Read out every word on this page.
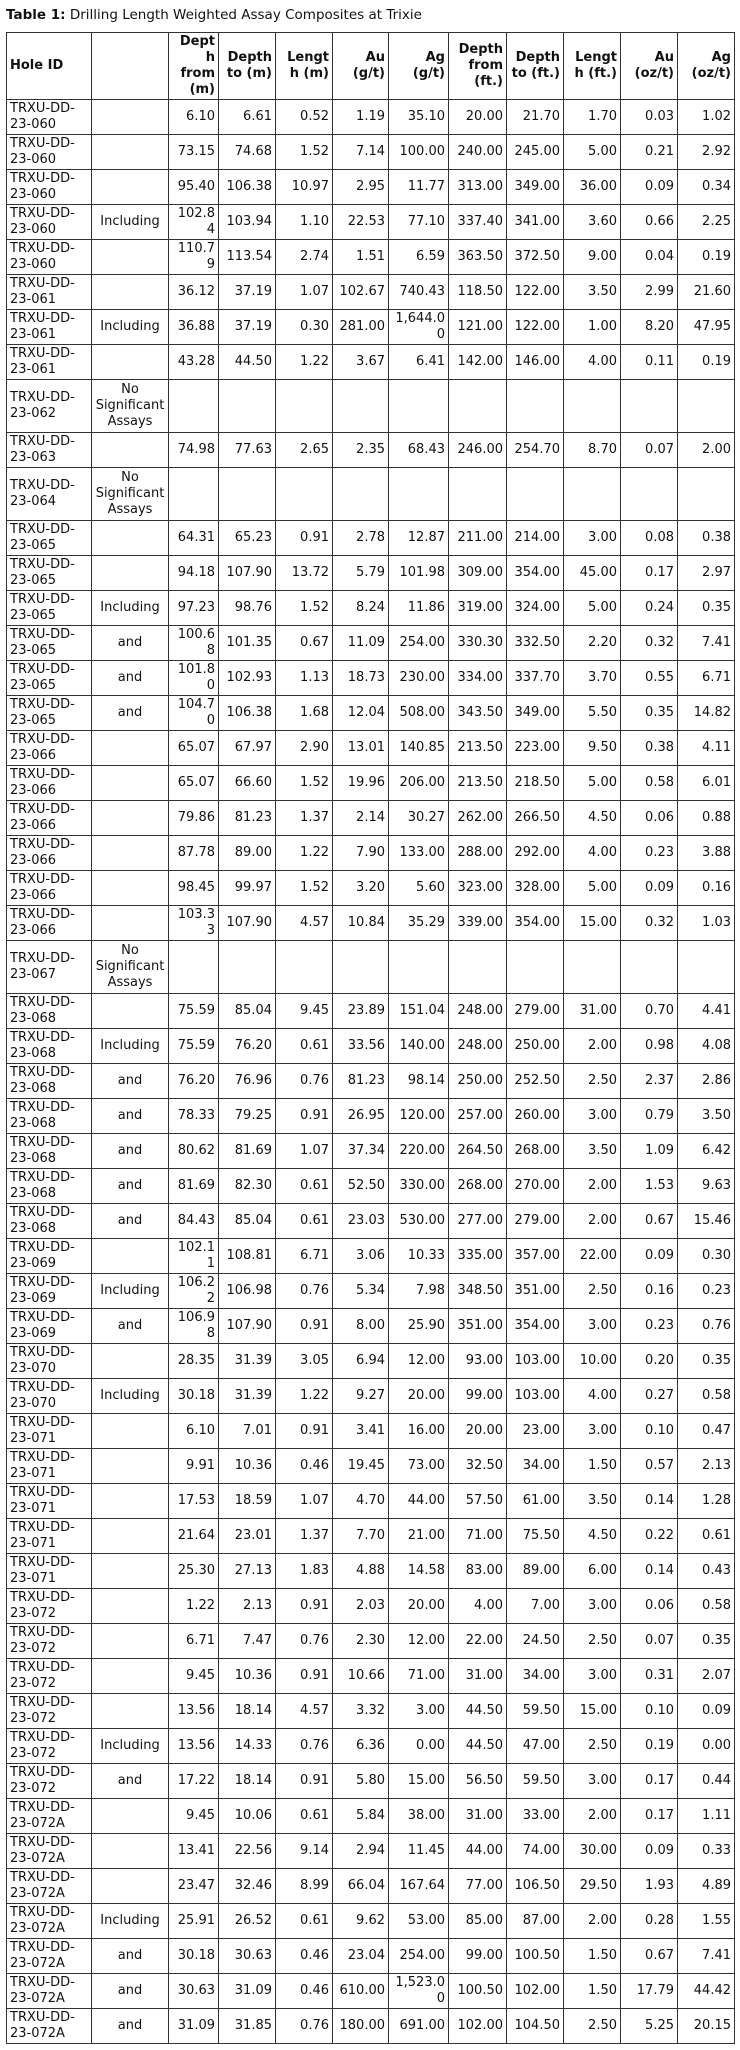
Table 1: Drilling Length Weighted Assay Composites at Trixie
Hole ID		Depth from (m)	Depth to (m)	Length (m)	Au (g/t)	Ag (g/t)	Depth from (ft.)	Depth to (ft.)	Length (ft.)	Au (oz/t)	Ag (oz/t)
TRXU-DD-23-060		6.10	6.61	0.52	1.19	35.10	20.00	21.70	1.70	0.03	1.02
TRXU-DD-23-060		73.15	74.68	1.52	7.14	100.00	240.00	245.00	5.00	0.21	2.92
TRXU-DD-23-060		95.40	106.38	10.97	2.95	11.77	313.00	349.00	36.00	0.09	0.34
TRXU-DD-23-060	Including	102.84	103.94	1.10	22.53	77.10	337.40	341.00	3.60	0.66	2.25
TRXU-DD-23-060		110.79	113.54	2.74	1.51	6.59	363.50	372.50	9.00	0.04	0.19
TRXU-DD-23-061		36.12	37.19	1.07	102.67	740.43	118.50	122.00	3.50	2.99	21.60
TRXU-DD-23-061	Including	36.88	37.19	0.30	281.00	1,644.00	121.00	122.00	1.00	8.20	47.95
TRXU-DD-23-061		43.28	44.50	1.22	3.67	6.41	142.00	146.00	4.00	0.11	0.19
TRXU-DD-23-062	No Significant Assays										
TRXU-DD-23-063		74.98	77.63	2.65	2.35	68.43	246.00	254.70	8.70	0.07	2.00
TRXU-DD-23-064	No Significant Assays										
TRXU-DD-23-065		64.31	65.23	0.91	2.78	12.87	211.00	214.00	3.00	0.08	0.38
TRXU-DD-23-065		94.18	107.90	13.72	5.79	101.98	309.00	354.00	45.00	0.17	2.97
TRXU-DD-23-065	Including	97.23	98.76	1.52	8.24	11.86	319.00	324.00	5.00	0.24	0.35
TRXU-DD-23-065	and	100.68	101.35	0.67	11.09	254.00	330.30	332.50	2.20	0.32	7.41
TRXU-DD-23-065	and	101.80	102.93	1.13	18.73	230.00	334.00	337.70	3.70	0.55	6.71
TRXU-DD-23-065	and	104.70	106.38	1.68	12.04	508.00	343.50	349.00	5.50	0.35	14.82
TRXU-DD-23-066		65.07	67.97	2.90	13.01	140.85	213.50	223.00	9.50	0.38	4.11
TRXU-DD-23-066		65.07	66.60	1.52	19.96	206.00	213.50	218.50	5.00	0.58	6.01
TRXU-DD-23-066		79.86	81.23	1.37	2.14	30.27	262.00	266.50	4.50	0.06	0.88
TRXU-DD-23-066		87.78	89.00	1.22	7.90	133.00	288.00	292.00	4.00	0.23	3.88
TRXU-DD-23-066		98.45	99.97	1.52	3.20	5.60	323.00	328.00	5.00	0.09	0.16
TRXU-DD-23-066		103.33	107.90	4.57	10.84	35.29	339.00	354.00	15.00	0.32	1.03
TRXU-DD-23-067	No Significant Assays										
TRXU-DD-23-068		75.59	85.04	9.45	23.89	151.04	248.00	279.00	31.00	0.70	4.41
TRXU-DD-23-068	Including	75.59	76.20	0.61	33.56	140.00	248.00	250.00	2.00	0.98	4.08
TRXU-DD-23-068	and	76.20	76.96	0.76	81.23	98.14	250.00	252.50	2.50	2.37	2.86
TRXU-DD-23-068	and	78.33	79.25	0.91	26.95	120.00	257.00	260.00	3.00	0.79	3.50
TRXU-DD-23-068	and	80.62	81.69	1.07	37.34	220.00	264.50	268.00	3.50	1.09	6.42
TRXU-DD-23-068	and	81.69	82.30	0.61	52.50	330.00	268.00	270.00	2.00	1.53	9.63
TRXU-DD-23-068	and	84.43	85.04	0.61	23.03	530.00	277.00	279.00	2.00	0.67	15.46
TRXU-DD-23-069		102.11	108.81	6.71	3.06	10.33	335.00	357.00	22.00	0.09	0.30
TRXU-DD-23-069	Including	106.22	106.98	0.76	5.34	7.98	348.50	351.00	2.50	0.16	0.23
TRXU-DD-23-069	and	106.98	107.90	0.91	8.00	25.90	351.00	354.00	3.00	0.23	0.76
TRXU-DD-23-070		28.35	31.39	3.05	6.94	12.00	93.00	103.00	10.00	0.20	0.35
TRXU-DD-23-070	Including	30.18	31.39	1.22	9.27	20.00	99.00	103.00	4.00	0.27	0.58
TRXU-DD-23-071		6.10	7.01	0.91	3.41	16.00	20.00	23.00	3.00	0.10	0.47
TRXU-DD-23-071		9.91	10.36	0.46	19.45	73.00	32.50	34.00	1.50	0.57	2.13
TRXU-DD-23-071		17.53	18.59	1.07	4.70	44.00	57.50	61.00	3.50	0.14	1.28
TRXU-DD-23-071		21.64	23.01	1.37	7.70	21.00	71.00	75.50	4.50	0.22	0.61
TRXU-DD-23-071		25.30	27.13	1.83	4.88	14.58	83.00	89.00	6.00	0.14	0.43
TRXU-DD-23-072		1.22	2.13	0.91	2.03	20.00	4.00	7.00	3.00	0.06	0.58
TRXU-DD-23-072		6.71	7.47	0.76	2.30	12.00	22.00	24.50	2.50	0.07	0.35
TRXU-DD-23-072		9.45	10.36	0.91	10.66	71.00	31.00	34.00	3.00	0.31	2.07
TRXU-DD-23-072		13.56	18.14	4.57	3.32	3.00	44.50	59.50	15.00	0.10	0.09
TRXU-DD-23-072	Including	13.56	14.33	0.76	6.36	0.00	44.50	47.00	2.50	0.19	0.00
TRXU-DD-23-072	and	17.22	18.14	0.91	5.80	15.00	56.50	59.50	3.00	0.17	0.44
TRXU-DD-23-072A		9.45	10.06	0.61	5.84	38.00	31.00	33.00	2.00	0.17	1.11
TRXU-DD-23-072A		13.41	22.56	9.14	2.94	11.45	44.00	74.00	30.00	0.09	0.33
TRXU-DD-23-072A		23.47	32.46	8.99	66.04	167.64	77.00	106.50	29.50	1.93	4.89
TRXU-DD-23-072A	Including	25.91	26.52	0.61	9.62	53.00	85.00	87.00	2.00	0.28	1.55
TRXU-DD-23-072A	and	30.18	30.63	0.46	23.04	254.00	99.00	100.50	1.50	0.67	7.41
TRXU-DD-23-072A	and	30.63	31.09	0.46	610.00	1,523.00	100.50	102.00	1.50	17.79	44.42
TRXU-DD-23-072A	and	31.09	31.85	0.76	180.00	691.00	102.00	104.50	2.50	5.25	20.15
